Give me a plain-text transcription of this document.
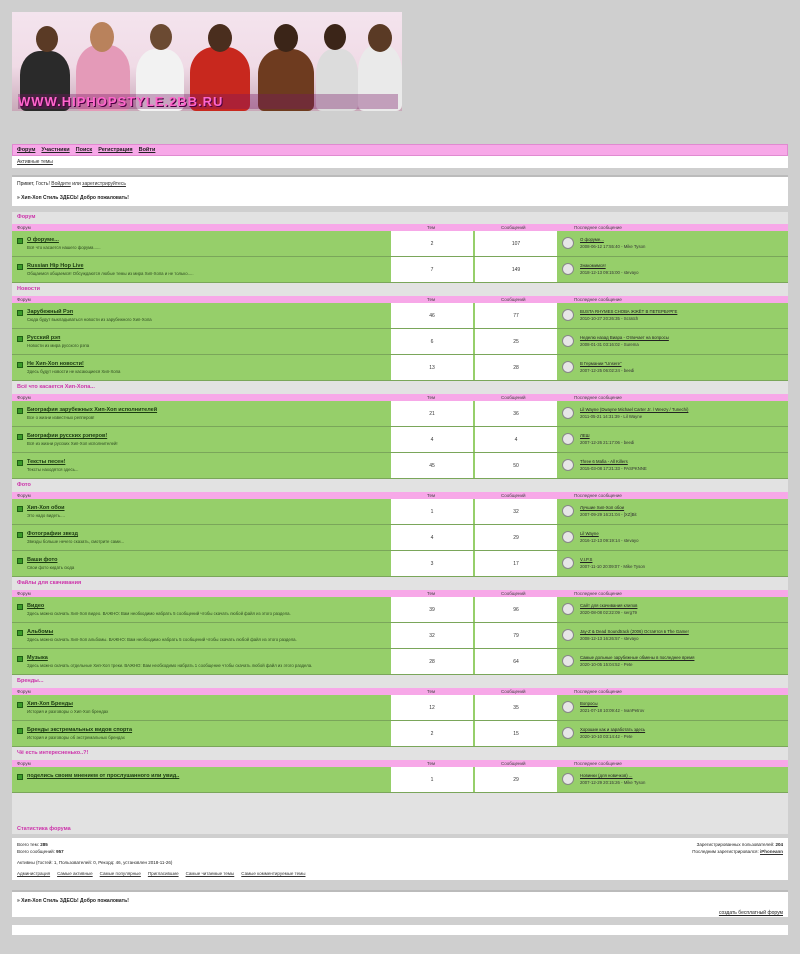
WWW.HIPHOPSTYLE.2BB.RU
Форум Участники Поиск Регистрация Войти
Активные темы
Привет, Гость! Войдите или зарегистрируйтесь
» Хип-Хоп Стиль ЗДЕСЬ! Добро пожаловать!
Форум
Форум	Тем	Сообщений	Последнее сообщение
О форуме...
Всё что касается нашего форума......
2	107
О форуме...
2008-06-12 17:55:40 - Mike Tyson
Russian Hip Hop Live
Общаемся общаемся! Обсуждаются любые темы из мира Хип-Хопа и не только.....
7	149
Знакомимся!
2018-12-13 09:15:00 - stevayo
Новости
Форум	Тем	Сообщений	Последнее сообщение
Зарубежный Рэп
Сюда будут выкладываться новости из зарубежного Хип-Хопа
46	77
BUSTA RHYMES СНОВА ЖЖЁТ В ПЕТЕРБУРГЕ
2010-10-27 20:26:35 - Scratch
Русский рэп
Новости из мира русского рэпа
6	25
Неделю назад Виара - Отвечает на вопросы
2008-01-31 03:16:02 - Surema
Не Хип-Хоп новости!
Здесь будут новости не касающиеся Хип-Хопа
13	28
В Германии "Unsere"
2007-12-25 06:02:24 - beedi
Всё что касается Хип-Хопа...
Форум	Тем	Сообщений	Последнее сообщение
Биография зарубежных Хип-Хоп исполнителей
Все о жизни известных репперов!
21	36
Lil Wayne (Dwayne Michael Carter Jr. / Weezy / Tunechi)
2011-05-21 14:31:39 - Lil Wayne
Биографии русских рэперов!
Всё из жизни русских Хип-Хоп исполнителей!
4	4
ЛЕШ
2007-12-26 21:17:06 - beedi
Тексты песен!
Тексты находятся здесь...
45	50
Three 6 Mafia - All Killers
2015-03-08 17:21:33 - PASPKNNE
Фото
Форум	Тем	Сообщений	Последнее сообщение
Хип-Хоп обои
Это надо видеть....
1	32
Лучшие Хип-Хоп обои
2007-09-29 16:21:04 - [XZ]Bit
Фотографии звезд
Звезды больше нечего сказать, смотрите сами...
4	29
Lil Wayne
2016-12-13 09:19:14 - stevayo
Ваши фото
Свои фото кидать сюда
3	17
V.I.P.S
2007-11-10 20:09:07 - Mike Tyson
Файлы для скачивания
Форум	Тем	Сообщений	Последнее сообщение
Видео
Здесь можно скачать Хип-Хоп видео. ВАЖНО: Вам необходимо набрать 5 сообщений чтобы скачать любой файл из этого раздела.
39	96
Сайт для скачивания клипов
2020-08-08 02:22:09 - serg79
Альбомы
Здесь можно скачать Хип-Хоп альбомы. ВАЖНО: Вам необходимо набрать 5 сообщений чтобы скачать любой файл из этого раздела.
32	79
Jay-Z & Dead Soundtrack (2006) Остаётся в The Game!
2008-12-13 16:26:57 - stevayo
Музыка
Здесь можно скачать отдельные Хип-Хоп треки. ВАЖНО: Вам необходимо набрать 1 сообщение чтобы скачать любой файл из этого раздела.
28	64
Самые дольные зарубежные обмены в последнее время
2020-10-05 15:04:52 - Pete
Бренды...
Форум	Тем	Сообщений	Последнее сообщение
Хип-Хоп Бренды
История и разговоры о Хип-Хоп брендах
12	35
Вопросы
2021-07-18 10:09:42 - IvanPetrov
Бренды экстремальных видов спорта
История и разговоры об экстремальных брендах
2	15
Хорошие как и заработать здесь
2020-10-10 03:14:42 - Pete
Чё есть интересненько..?!
Форум	Тем	Сообщений	Последнее сообщение
поделись своим мнением от прослушанного или увид..
1	29
Новинки (для новичков) ...
2007-12-29 20:15:26 - Mike Tyson
Статистика форума
Всего тем: 285
Всего сообщений: 957
Зарегистрированных пользователей: 204
Последним зарегистрировался: iPhoneann
Активны (Гостей: 1, Пользователей: 0, Рекорд: 46, установлен 2018-11-26)
Администрация Самые активные Самые популярные Пригласившие Самые читаемые темы Самые комментируемые темы
» Хип-Хоп Стиль ЗДЕСЬ! Добро пожаловать!
создать бесплатный форум
